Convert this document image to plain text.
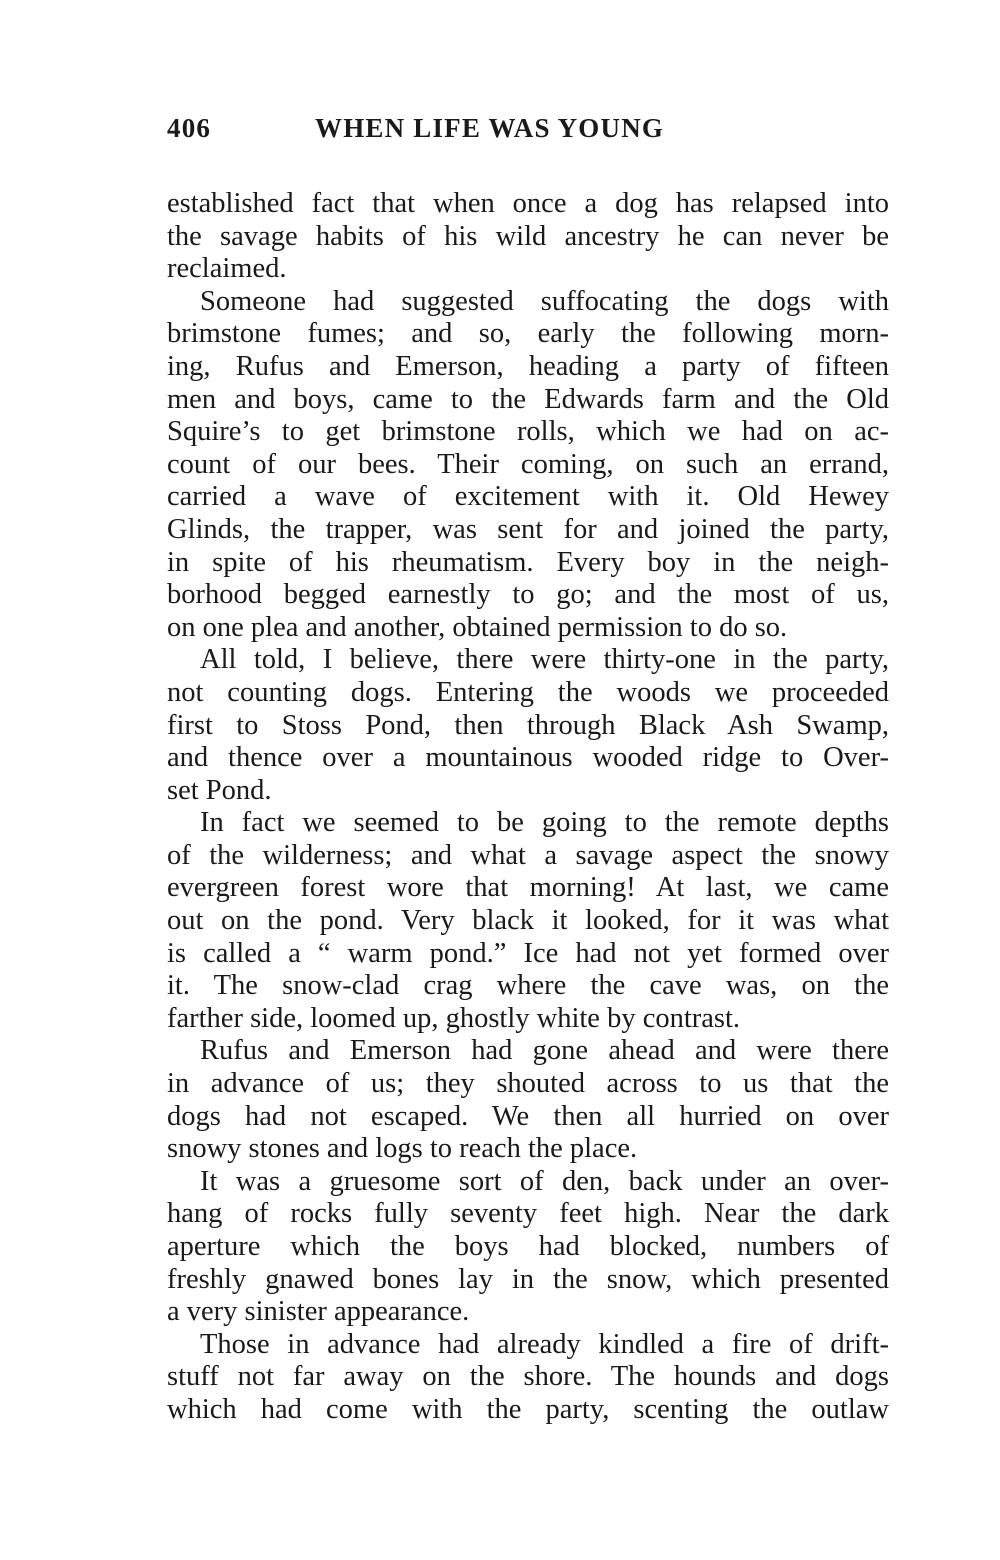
406	WHEN LIFE WAS YOUNG
established fact that when once a dog has relapsed into
the savage habits of his wild ancestry he can never be
reclaimed.
Someone had suggested suffocating the dogs with
brimstone fumes; and so, early the following morn-
ing, Rufus and Emerson, heading a party of fifteen
men and boys, came to the Edwards farm and the Old
Squire’s to get brimstone rolls, which we had on ac-
count of our bees. Their coming, on such an errand,
carried a wave of excitement with it. Old Hewey
Glinds, the trapper, was sent for and joined the party,
in spite of his rheumatism. Every boy in the neigh-
borhood begged earnestly to go; and the most of us,
on one plea and another, obtained permission to do so.
All told, I believe, there were thirty-one in the party,
not counting dogs. Entering the woods we proceeded
first to Stoss Pond, then through Black Ash Swamp,
and thence over a mountainous wooded ridge to Over-
set Pond.
In fact we seemed to be going to the remote depths
of the wilderness; and what a savage aspect the snowy
evergreen forest wore that morning! At last, we came
out on the pond. Very black it looked, for it was what
is called a “ warm pond.” Ice had not yet formed over
it. The snow-clad crag where the cave was, on the
farther side, loomed up, ghostly white by contrast.
Rufus and Emerson had gone ahead and were there
in advance of us; they shouted across to us that the
dogs had not escaped. We then all hurried on over
snowy stones and logs to reach the place.
It was a gruesome sort of den, back under an over-
hang of rocks fully seventy feet high. Near the dark
aperture which the boys had blocked, numbers of
freshly gnawed bones lay in the snow, which presented
a very sinister appearance.
Those in advance had already kindled a fire of drift-
stuff not far away on the shore. The hounds and dogs
which had come with the party, scenting the outlaw
